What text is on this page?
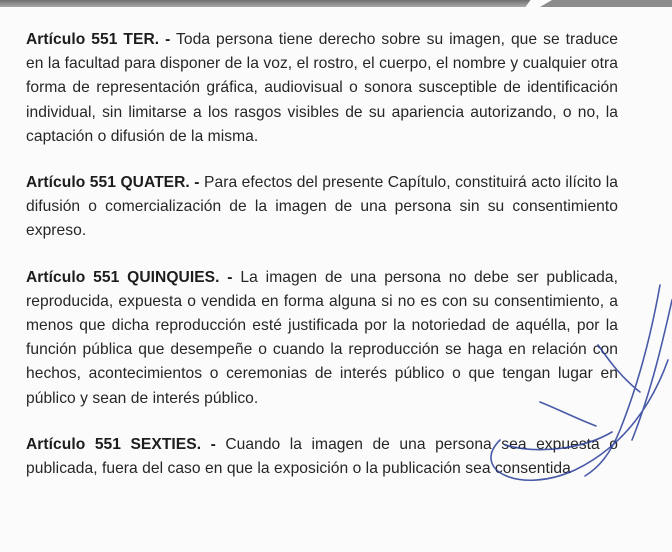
Artículo 551 TER. - Toda persona tiene derecho sobre su imagen, que se traduce en la facultad para disponer de la voz, el rostro, el cuerpo, el nombre y cualquier otra forma de representación gráfica, audiovisual o sonora susceptible de identificación individual, sin limitarse a los rasgos visibles de su apariencia autorizando, o no, la captación o difusión de la misma.

Artículo 551 QUATER. - Para efectos del presente Capítulo, constituirá acto ilícito la difusión o comercialización de la imagen de una persona sin su consentimiento expreso.

Artículo 551 QUINQUIES. - La imagen de una persona no debe ser publicada, reproducida, expuesta o vendida en forma alguna si no es con su consentimiento, a menos que dicha reproducción esté justificada por la notoriedad de aquélla, por la función pública que desempeñe o cuando la reproducción se haga en relación con hechos, acontecimientos o ceremonias de interés público o que tengan lugar en público y sean de interés público.

Artículo 551 SEXTIES. - Cuando la imagen de una persona sea expuesta o publicada, fuera del caso en que la exposición o la publicación sea consentida
